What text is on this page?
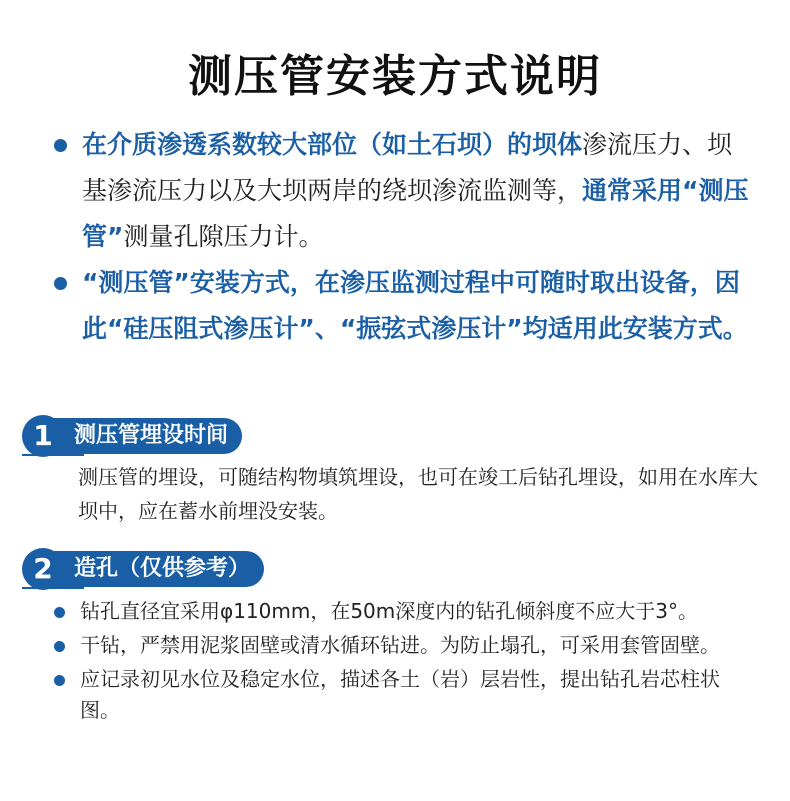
测压管安装方式说明
在介质渗透系数较大部位（如土石坝）的坝体渗流压力、坝基渗流压力以及大坝两岸的绕坝渗流监测等，通常采用“测压管”测量孔隙压力计。
“测压管”安装方式，在渗压监测过程中可随时取出设备，因此“硅压阻式渗压计”、“振弦式渗压计”均适用此安装方式。
1 测压管埋设时间
测压管的埋设，可随结构物填筑埋设，也可在竣工后钻孔埋设，如用在水库大坝中，应在蓄水前埋没安装。
2 造孔（仅供参考）
钻孔直径宜采用φ110mm，在50m深度内的钻孔倾斜度不应大于3°。
干钻，严禁用泥浆固壁或清水循环钻进。为防止塌孔，可采用套管固壁。
应记录初见水位及稳定水位，描述各土（岩）层岩性，提出钻孔岩芯柱状图。
